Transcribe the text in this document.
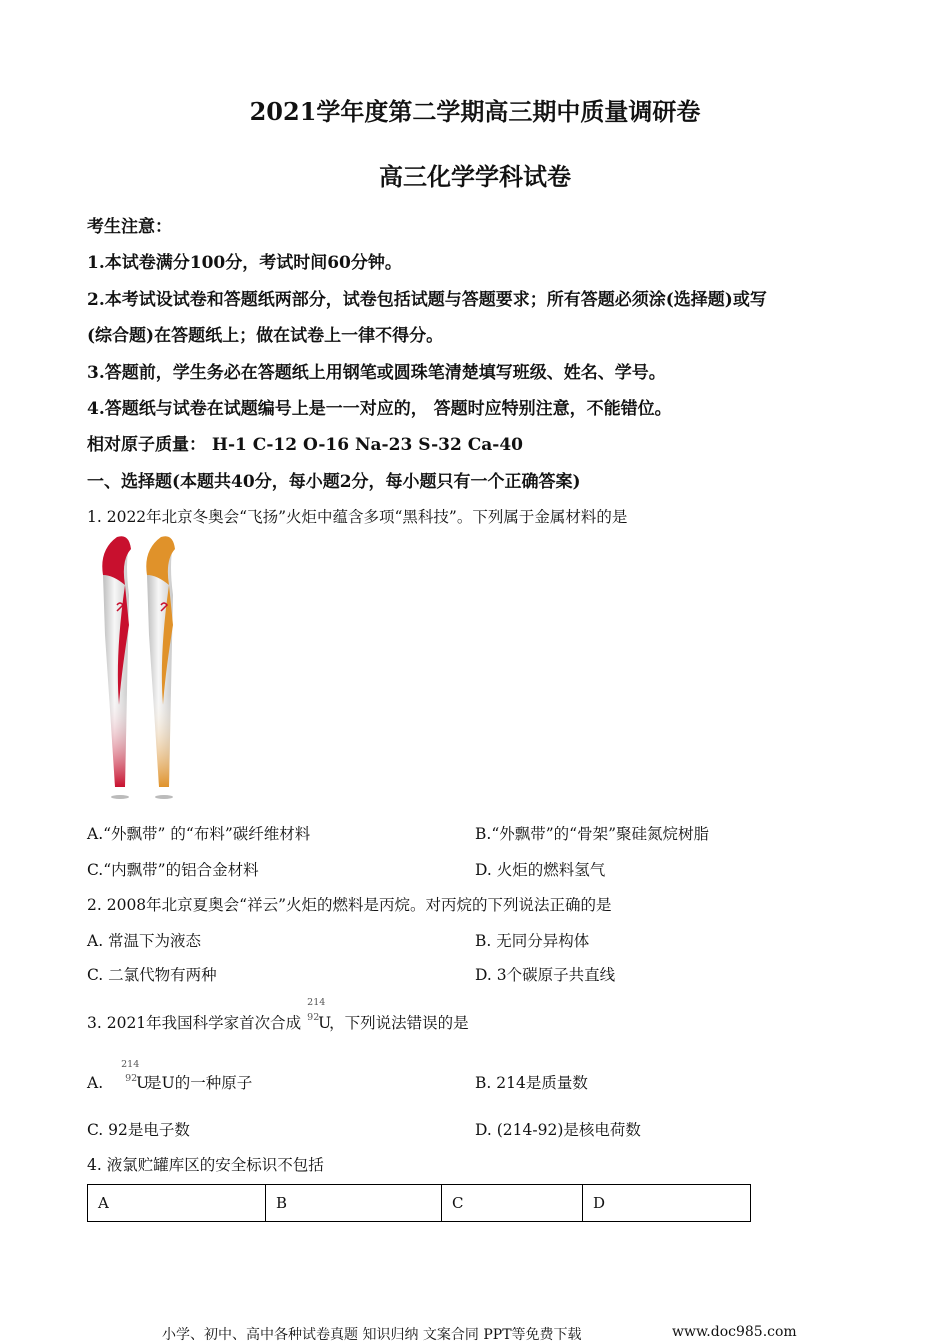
2021学年度第二学期高三期中质量调研卷
高三化学学科试卷
考生注意：
1.本试卷满分100分，考试时间60分钟。
2.本考试设试卷和答题纸两部分，试卷包括试题与答题要求；所有答题必须涂(选择题)或写
(综合题)在答题纸上；做在试卷上一律不得分。
3.答题前，学生务必在答题纸上用钢笔或圆珠笔清楚填写班级、姓名、学号。
4.答题纸与试卷在试题编号上是一一对应的， 答题时应特别注意，不能错位。
相对原子质量： H-1 C-12 O-16 Na-23 S-32 Ca-40
一、选择题(本题共40分，每小题2分，每小题只有一个正确答案)
1. 2022年北京冬奥会“飞扬”火炬中蕴含多项“黑科技”。下列属于金属材料的是
A.“外飘带” 的“布料”碳纤维材料	B.“外飘带”的“骨架”聚硅氮烷树脂
C.“内飘带”的铝合金材料	D. 火炬的燃料氢气
2. 2008年北京夏奥会“祥云”火炬的燃料是丙烷。对丙烷的下列说法正确的是
A. 常温下为液态	B. 无同分异构体
C. 二氯代物有两种	D. 3个碳原子共直线
3. 2021年我国科学家首次合成
214
92
U
，下列说法错误的是
A.
214
92
U
是U的一种原子	B. 214是质量数
C. 92是电子数	D. (214-92)是核电荷数
4. 液氯贮罐库区的安全标识不包括
A	B	C	D
小学、初中、高中各种试卷真题 知识归纳 文案合同 PPT等免费下载	www.doc985.com
